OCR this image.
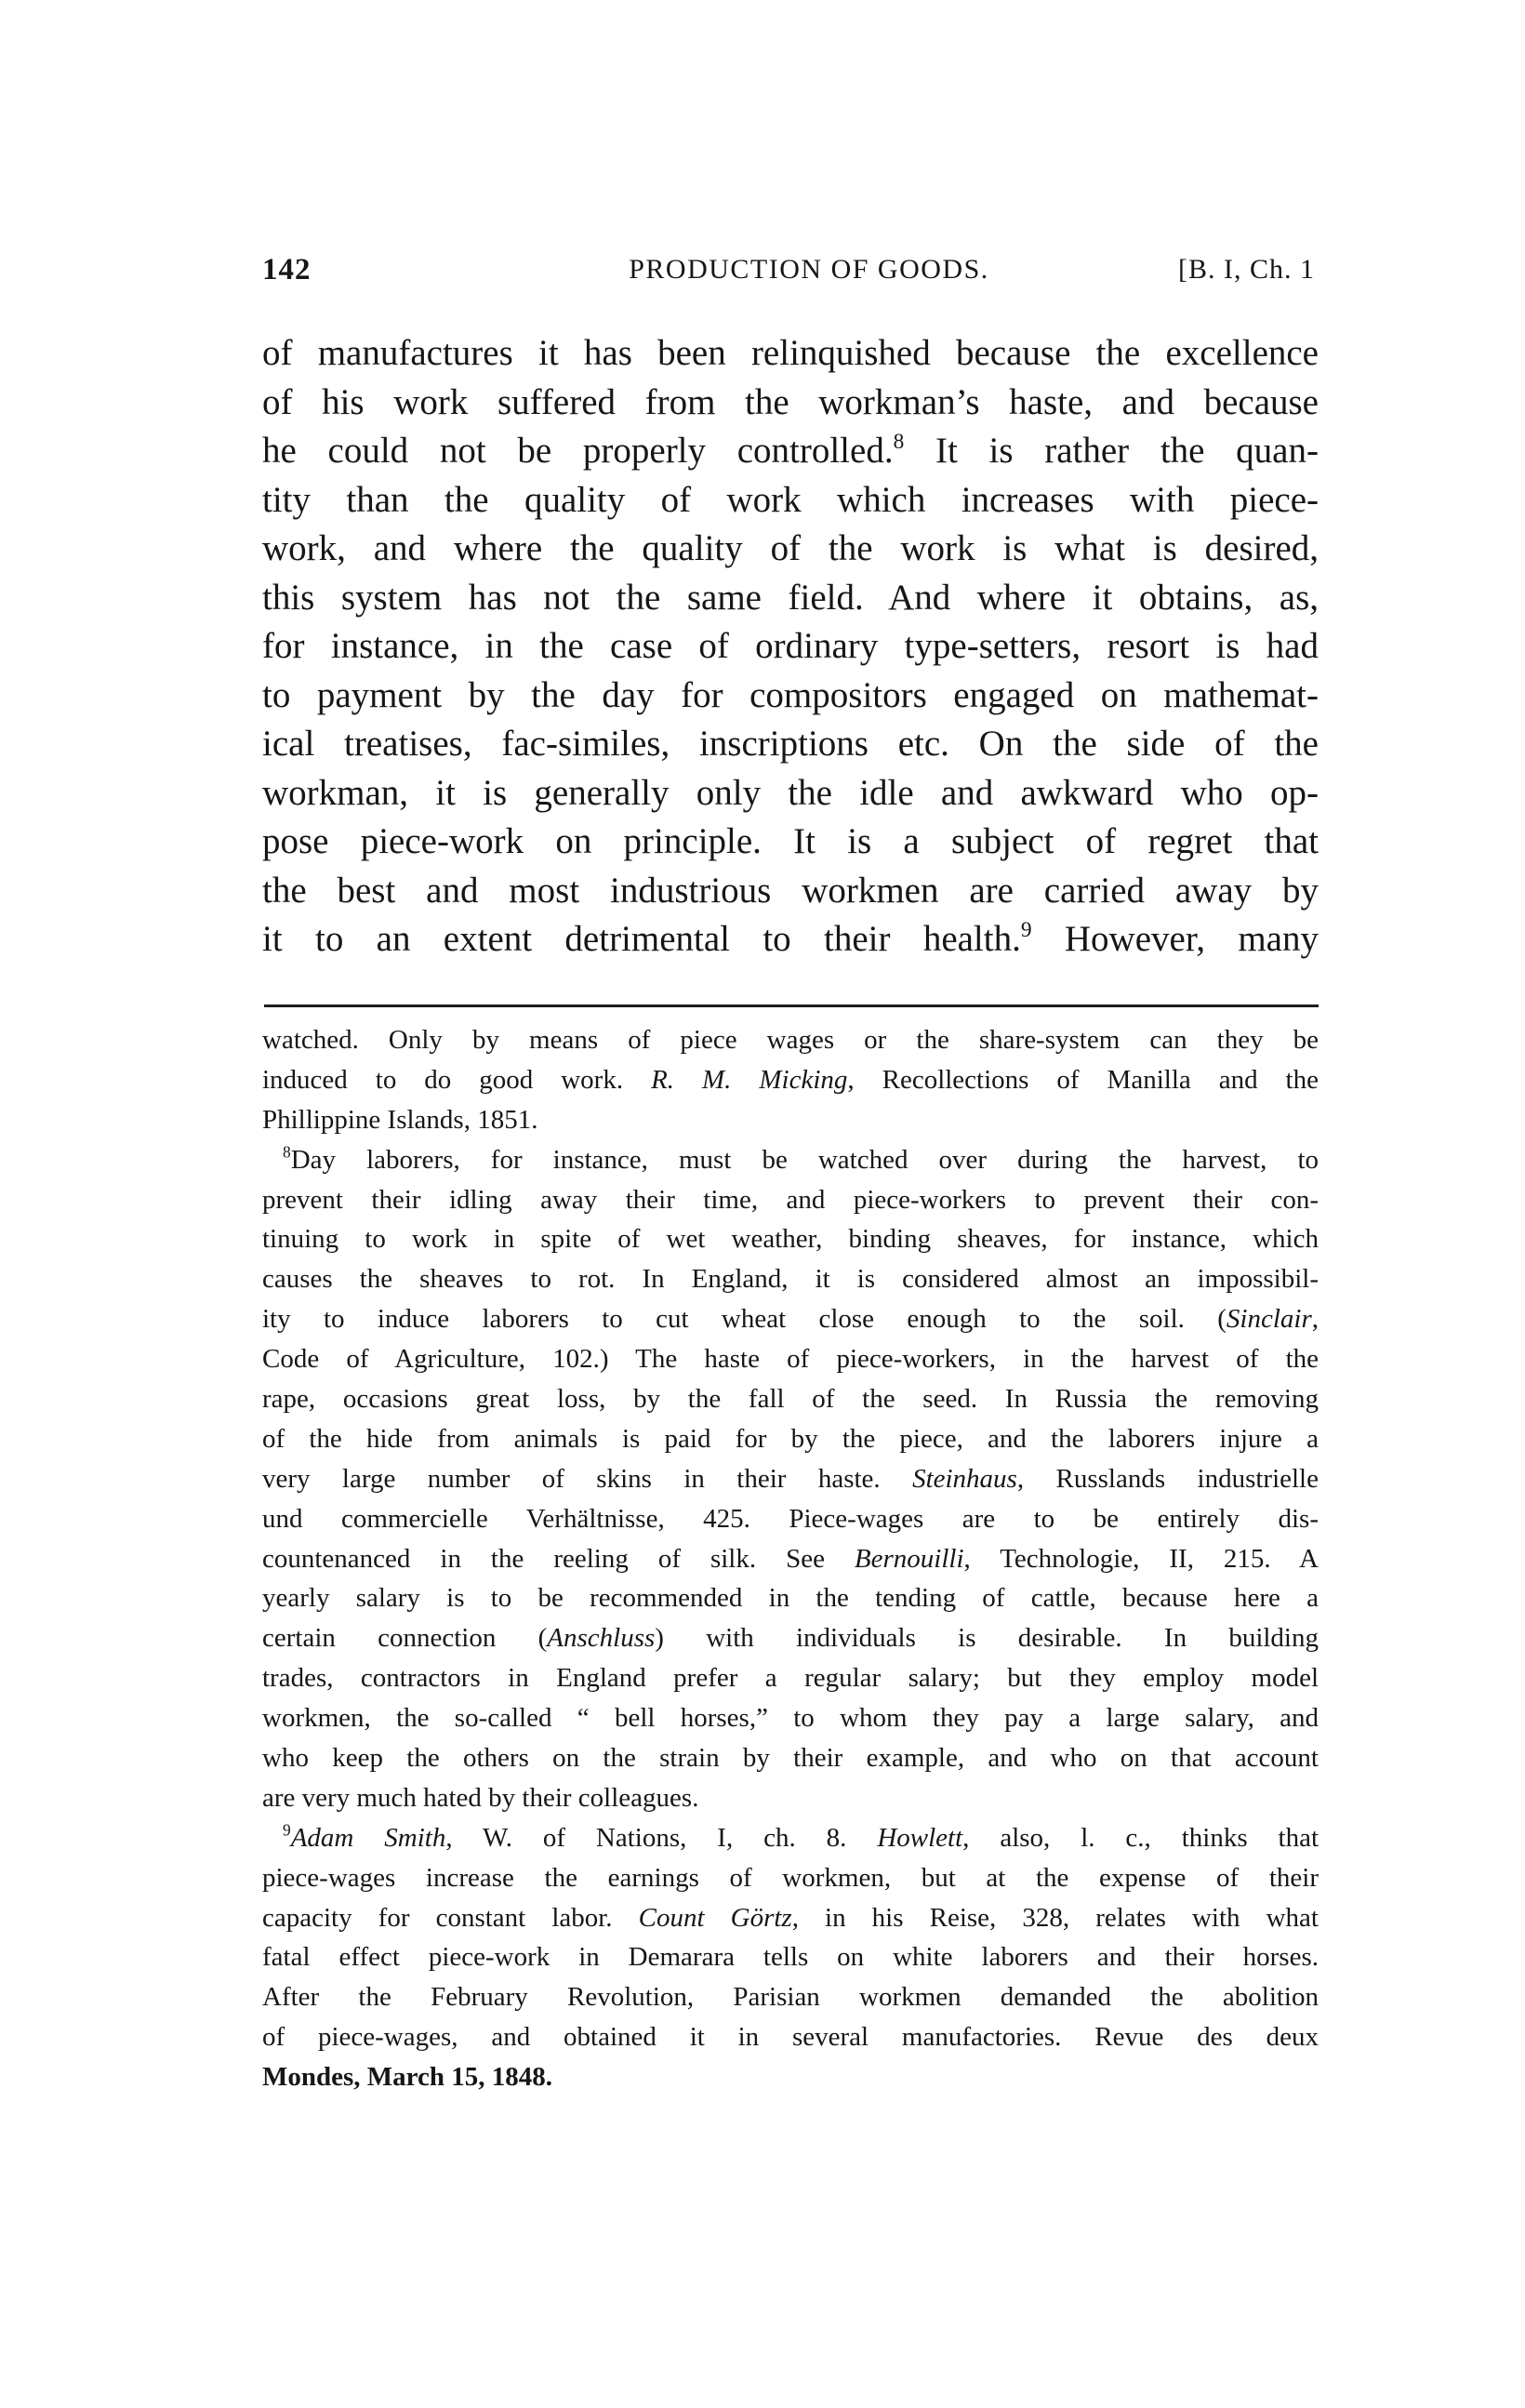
142	PRODUCTION OF GOODS.	[B. I, Ch. 1
of manufactures it has been relinquished because the excellence
of his work suffered from the workman’s haste, and because
he could not be properly controlled.$^8$ It is rather the quan-
tity than the quality of work which increases with piece-
work, and where the quality of the work is what is desired,
this system has not the same field. And where it obtains, as,
for instance, in the case of ordinary type-setters, resort is had
to payment by the day for compositors engaged on mathemat-
ical treatises, fac-similes, inscriptions etc. On the side of the
workman, it is generally only the idle and awkward who op-
pose piece-work on principle. It is a subject of regret that
the best and most industrious workmen are carried away by
it to an extent detrimental to their health.$^9$ However, many
watched. Only by means of piece wages or the share-system can they be
induced to do good work. R. M. Micking, Recollections of Manilla and the
Phillippine Islands, 1851.
$^8$Day laborers, for instance, must be watched over during the harvest, to
prevent their idling away their time, and piece-workers to prevent their con-
tinuing to work in spite of wet weather, binding sheaves, for instance, which
causes the sheaves to rot. In England, it is considered almost an impossibil-
ity to induce laborers to cut wheat close enough to the soil. (Sinclair,
Code of Agriculture, 102.) The haste of piece-workers, in the harvest of the
rape, occasions great loss, by the fall of the seed. In Russia the removing
of the hide from animals is paid for by the piece, and the laborers injure a
very large number of skins in their haste. Steinhaus, Russlands industrielle
und commercielle Verhältnisse, 425. Piece-wages are to be entirely dis-
countenanced in the reeling of silk. See Bernouilli, Technologie, II, 215. A
yearly salary is to be recommended in the tending of cattle, because here a
certain connection (Anschluss) with individuals is desirable. In building
trades, contractors in England prefer a regular salary; but they employ model
workmen, the so-called “ bell horses,” to whom they pay a large salary, and
who keep the others on the strain by their example, and who on that account
are very much hated by their colleagues.
$^9$Adam Smith, W. of Nations, I, ch. 8. Howlett, also, l. c., thinks that
piece-wages increase the earnings of workmen, but at the expense of their
capacity for constant labor. Count Görtz, in his Reise, 328, relates with what
fatal effect piece-work in Demarara tells on white laborers and their horses.
After the February Revolution, Parisian workmen demanded the abolition
of piece-wages, and obtained it in several manufactories. Revue des deux
Mondes, March 15, 1848.
